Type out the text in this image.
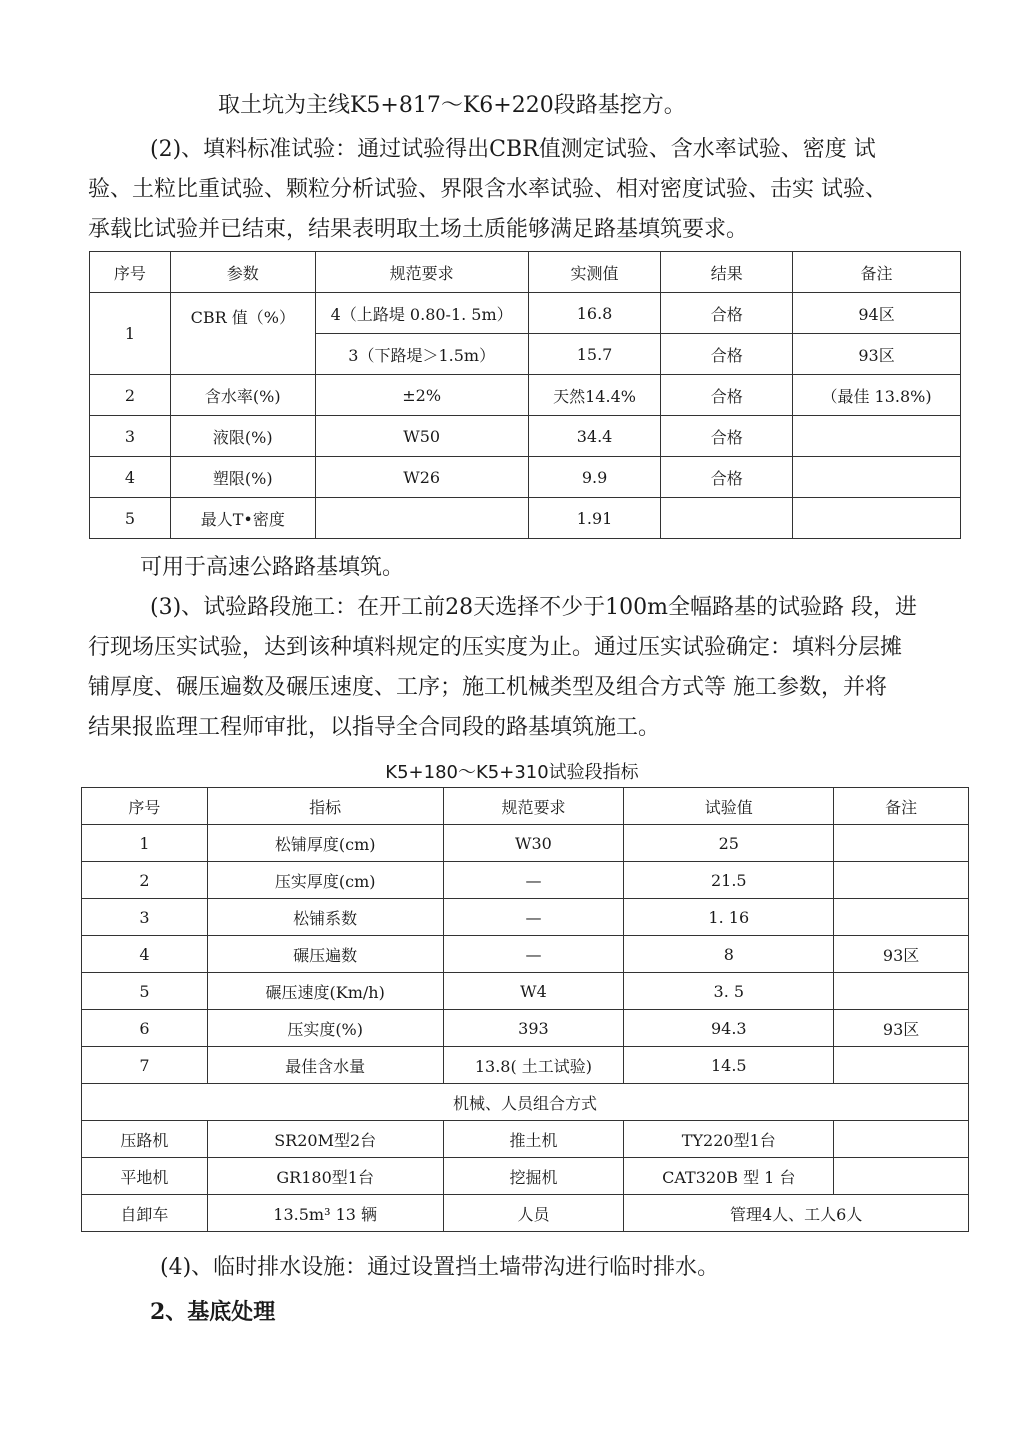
取土坑为主线K5+817～K6+220段路基挖方。
(2)、填料标准试验：通过试验得出CBR值测定试验、含水率试验、密度 试
验、土粒比重试验、颗粒分析试验、界限含水率试验、相对密度试验、击实 试验、
承载比试验并已结束，结果表明取土场土质能够满足路基填筑要求。
序号	参数	规范要求	实测值	结果	备注
1	CBR 值（%）	4（上路堤 0.80-1. 5m）	16.8	合格	94区
		3（下路堤＞1.5m）	15.7	合格	93区
2	含水率(%)	±2%	天然14.4%	合格	（最佳 13.8%)
3	液限(%)	W50	34.4	合格	
4	塑限(%)	W26	9.9	合格	
5	最人T•密度		1.91		
可用于高速公路路基填筑。
(3)、试验路段施工：在开工前28天选择不少于100m全幅路基的试验路 段，进
行现场压实试验，达到该种填料规定的压实度为止。通过压实试验确定：填料分层摊
铺厚度、碾压遍数及碾压速度、工序；施工机械类型及组合方式等 施工参数，并将
结果报监理工程师审批，以指导全合同段的路基填筑施工。
K5+180～K5+310试验段指标
序号	指标	规范要求	试验值	备注
1	松铺厚度(cm)	W30	25	
2	压实厚度(cm)	—	21.5	
3	松铺系数	—	1. 16	
4	碾压遍数	—	8	93区
5	碾压速度(Km/h)	W4	3. 5	
6	压实度(%)	393	94.3	93区
7	最佳含水量	13.8( 土工试验)	14.5	
机械、人员组合方式				
压路机	SR20M型2台	推土机	TY220型1台	
平地机	GR180型1台	挖掘机	CAT320B 型 1 台	
自卸车	13.5m³ 13 辆	人员	管理4人、工人6人	
(4)、临时排水设施：通过设置挡土墙带沟进行临时排水。
2、基底处理
